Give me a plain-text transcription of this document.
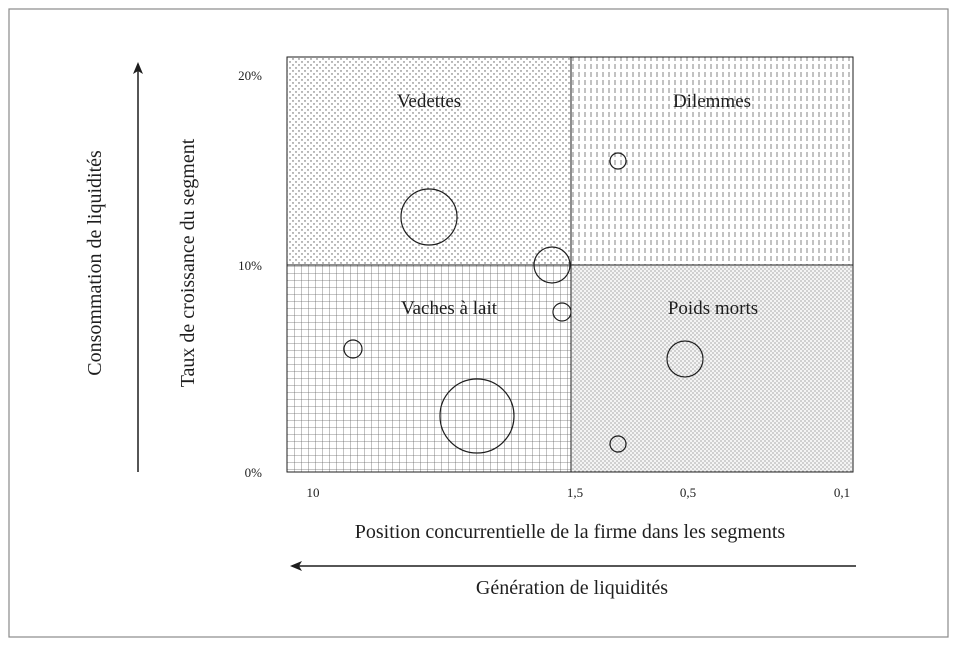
Vedettes	Dilemmes
Vaches à lait	Poids morts
20%
10%
0%
10	1,5	0,5	0,1
Taux de croissance du segment
Position concurrentielle de la firme dans les segments
Consommation de liquidités
Génération de liquidités
